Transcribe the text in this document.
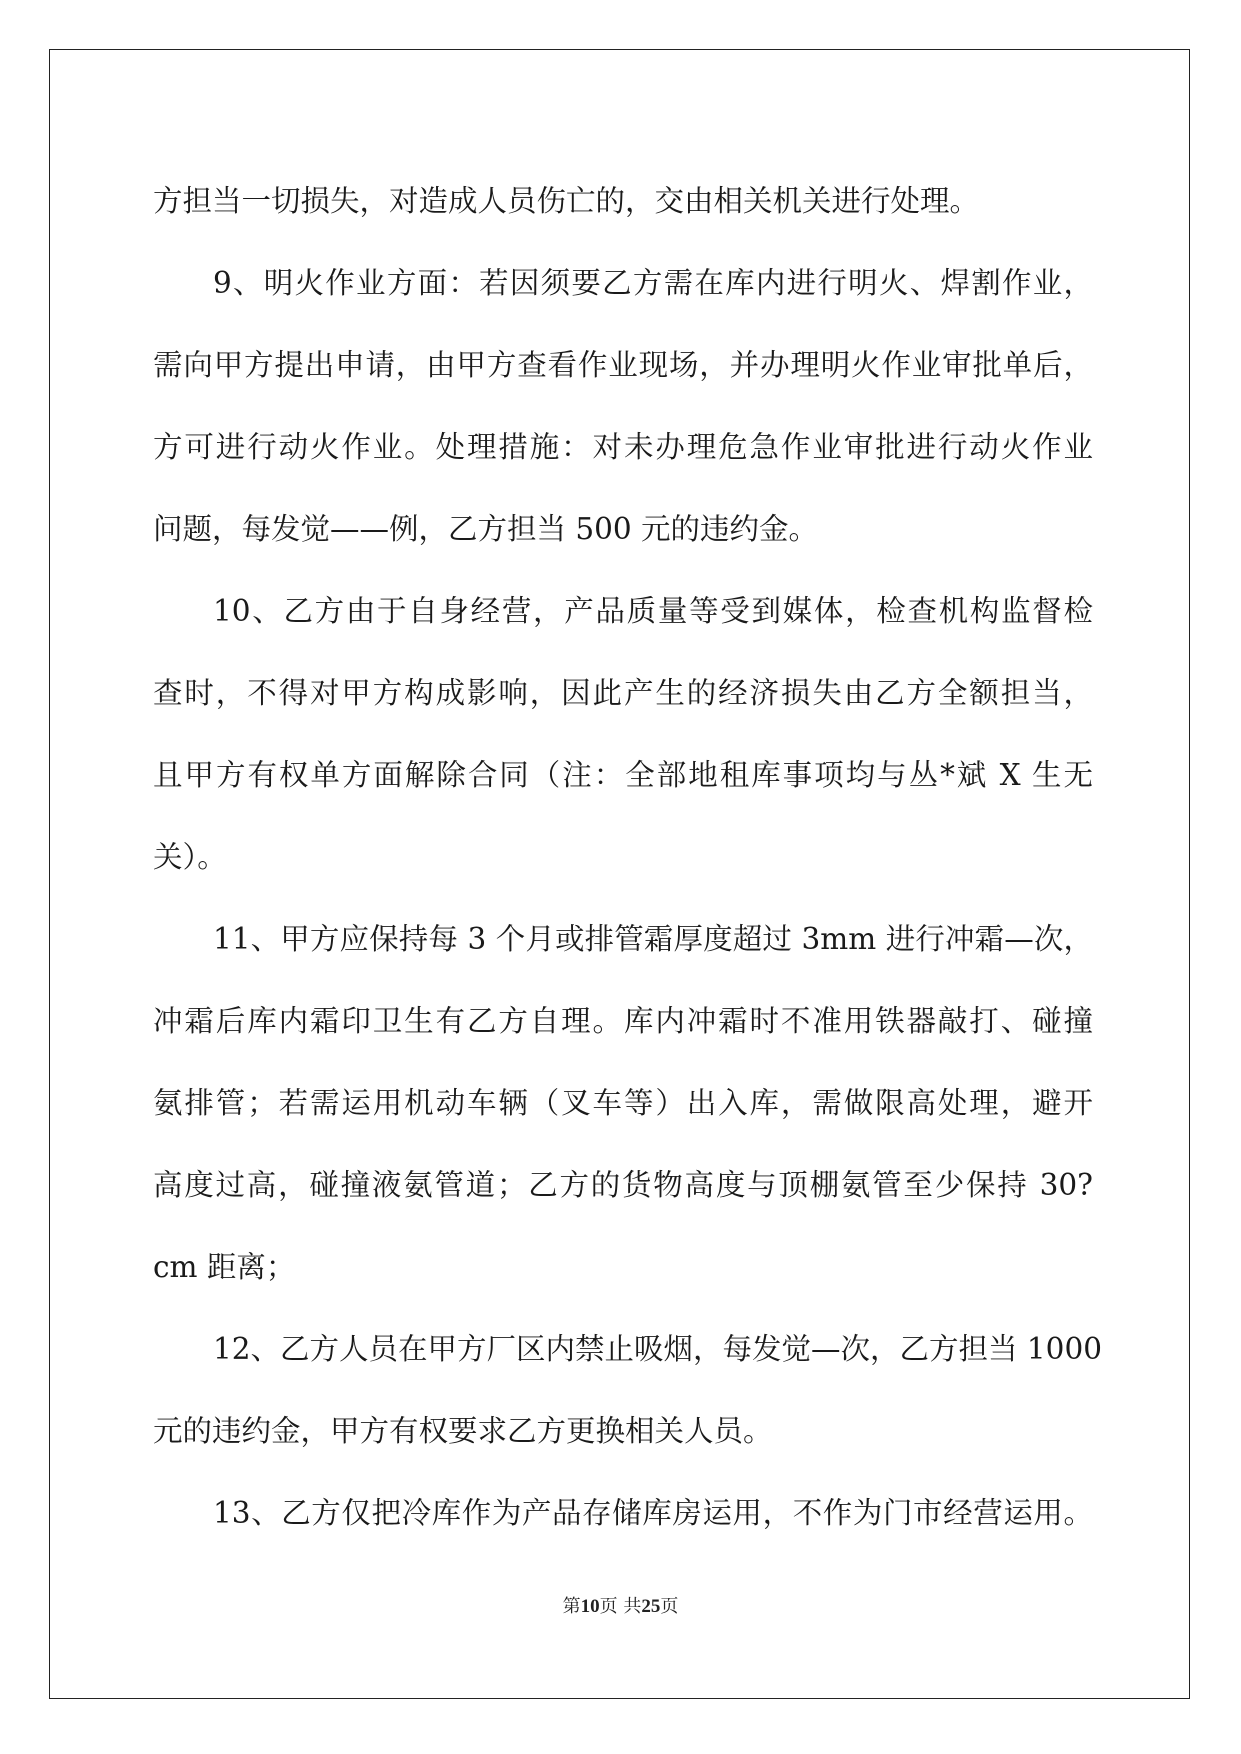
方担当一切损失，对造成人员伤亡的，交由相关机关进行处理。
9、明火作业方面：若因须要乙方需在库内进行明火、焊割作业，
需向甲方提出申请，由甲方查看作业现场，并办理明火作业审批单后，
方可进行动火作业。处理措施：对未办理危急作业审批进行动火作业
问题，每发觉——例，乙方担当 500 元的违约金。
10、乙方由于自身经营，产品质量等受到媒体，检查机构监督检
查时，不得对甲方构成影响，因此产生的经济损失由乙方全额担当，
且甲方有权单方面解除合同（注：全部地租库事项均与丛*斌 X 生无
关）。
11、甲方应保持每 3 个月或排管霜厚度超过 3mm 进行冲霜—次，
冲霜后库内霜印卫生有乙方自理。库内冲霜时不准用铁器敲打、碰撞
氨排管；若需运用机动车辆（叉车等）出入库，需做限高处理，避开
高度过高，碰撞液氨管道；乙方的货物高度与顶棚氨管至少保持 30?
cm 距离；
12、乙方人员在甲方厂区内禁止吸烟，每发觉—次，乙方担当 1000
元的违约金，甲方有权要求乙方更换相关人员。
13、乙方仅把冷库作为产品存储库房运用，不作为门市经营运用。
第10页 共25页
